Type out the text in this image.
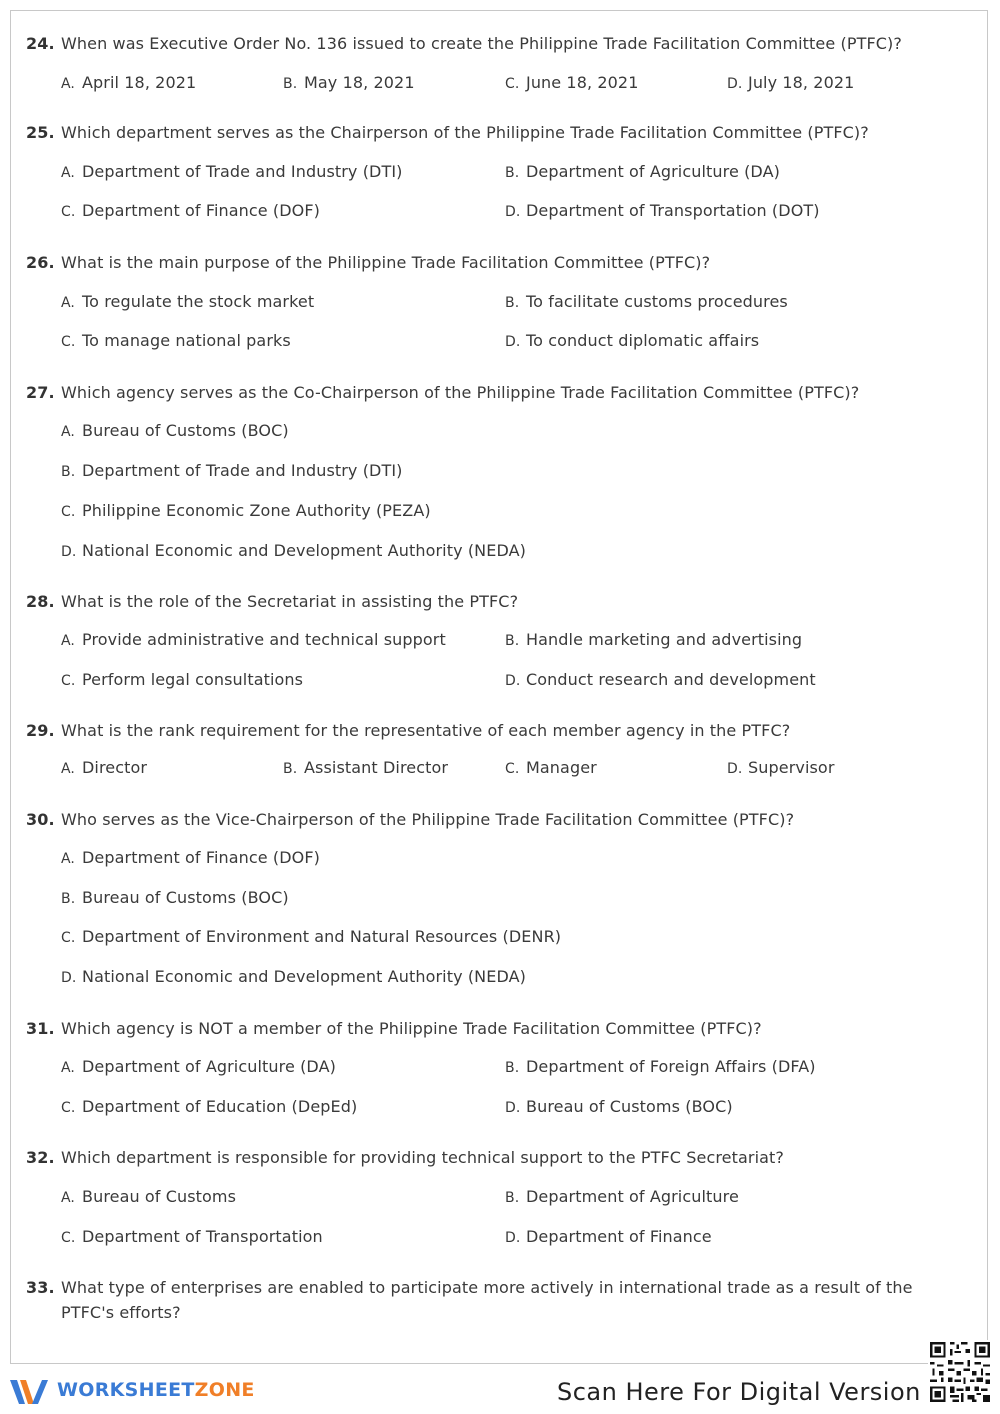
24. When was Executive Order No. 136 issued to create the Philippine Trade Facilitation Committee (PTFC)?
A. April 18, 2021	B. May 18, 2021	C. June 18, 2021	D. July 18, 2021
25. Which department serves as the Chairperson of the Philippine Trade Facilitation Committee (PTFC)?
A. Department of Trade and Industry (DTI)	B. Department of Agriculture (DA)
C. Department of Finance (DOF)	D. Department of Transportation (DOT)
26. What is the main purpose of the Philippine Trade Facilitation Committee (PTFC)?
A. To regulate the stock market	B. To facilitate customs procedures
C. To manage national parks	D. To conduct diplomatic affairs
27. Which agency serves as the Co-Chairperson of the Philippine Trade Facilitation Committee (PTFC)?
A. Bureau of Customs (BOC)
B. Department of Trade and Industry (DTI)
C. Philippine Economic Zone Authority (PEZA)
D. National Economic and Development Authority (NEDA)
28. What is the role of the Secretariat in assisting the PTFC?
A. Provide administrative and technical support	B. Handle marketing and advertising
C. Perform legal consultations	D. Conduct research and development
29. What is the rank requirement for the representative of each member agency in the PTFC?
A. Director	B. Assistant Director	C. Manager	D. Supervisor
30. Who serves as the Vice-Chairperson of the Philippine Trade Facilitation Committee (PTFC)?
A. Department of Finance (DOF)
B. Bureau of Customs (BOC)
C. Department of Environment and Natural Resources (DENR)
D. National Economic and Development Authority (NEDA)
31. Which agency is NOT a member of the Philippine Trade Facilitation Committee (PTFC)?
A. Department of Agriculture (DA)	B. Department of Foreign Affairs (DFA)
C. Department of Education (DepEd)	D. Bureau of Customs (BOC)
32. Which department is responsible for providing technical support to the PTFC Secretariat?
A. Bureau of Customs	B. Department of Agriculture
C. Department of Transportation	D. Department of Finance
33. What type of enterprises are enabled to participate more actively in international trade as a result of the PTFC's efforts?
WORKSHEETZONE	Scan Here For Digital Version
